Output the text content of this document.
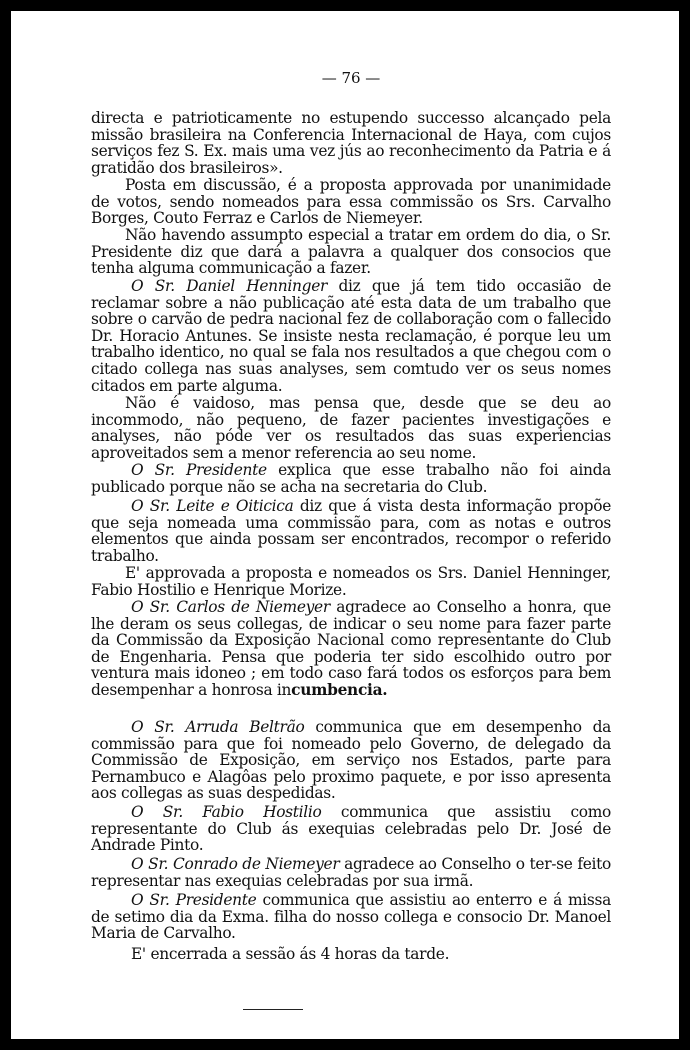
— 76 —

directa e patrioticamente no estupendo successo alcançado pela missão brasileira na Conferencia Internacional de Haya, com cujos serviços fez S. Ex. mais uma vez jús ao reconhecimento da Patria e á gratidão dos brasileiros».

Posta em discussão, é a proposta approvada por unanimidade de votos, sendo nomeados para essa commissão os Srs. Carvalho Borges, Couto Ferraz e Carlos de Niemeyer.

Não havendo assumpto especial a tratar em ordem do dia, o Sr. Presidente diz que dará a palavra a qualquer dos consocios que tenha alguma communicação a fazer.

O Sr. Daniel Henninger diz que já tem tido occasião de reclamar sobre a não publicação até esta data de um trabalho que sobre o carvão de pedra nacional fez de collaboração com o fallecido Dr. Horacio Antunes. Se insiste nesta reclamação, é porque leu um trabalho identico, no qual se fala nos resultados a que chegou com o citado collega nas suas analyses, sem comtudo ver os seus nomes citados em parte alguma.

Não é vaidoso, mas pensa que, desde que se deu ao incommodo, não pequeno, de fazer pacientes investigações e analyses, não póde ver os resultados das suas experiencias aproveitados sem a menor referencia ao seu nome.

O Sr. Presidente explica que esse trabalho não foi ainda publicado porque não se acha na secretaria do Club.

O Sr. Leite e Oiticica diz que á vista desta informação propõe que seja nomeada uma commissão para, com as notas e outros elementos que ainda possam ser encontrados, recompor o referido trabalho.

E' approvada a proposta e nomeados os Srs. Daniel Henninger, Fabio Hostilio e Henrique Morize.

O Sr. Carlos de Niemeyer agradece ao Conselho a honra, que lhe deram os seus collegas, de indicar o seu nome para fazer parte da Commissão da Exposição Nacional como representante do Club de Engenharia. Pensa que poderia ter sido escolhido outro por ventura mais idoneo ; em todo caso fará todos os esforços para bem desempenhar a honrosa incumbencia.

O Sr. Arruda Beltrão communica que em desempenho da commissão para que foi nomeado pelo Governo, de delegado da Commissão de Exposição, em serviço nos Estados, parte para Pernambuco e Alagôas pelo proximo paquete, e por isso apresenta aos collegas as suas despedidas.

O Sr. Fabio Hostilio communica que assistiu como representante do Club ás exequias celebradas pelo Dr. José de Andrade Pinto.

O Sr. Conrado de Niemeyer agradece ao Conselho o ter-se feito representar nas exequias celebradas por sua irmã.

O Sr. Presidente communica que assistiu ao enterro e á missa de setimo dia da Exma. filha do nosso collega e consocio Dr. Manoel Maria de Carvalho.

E' encerrada a sessão ás 4 horas da tarde.
